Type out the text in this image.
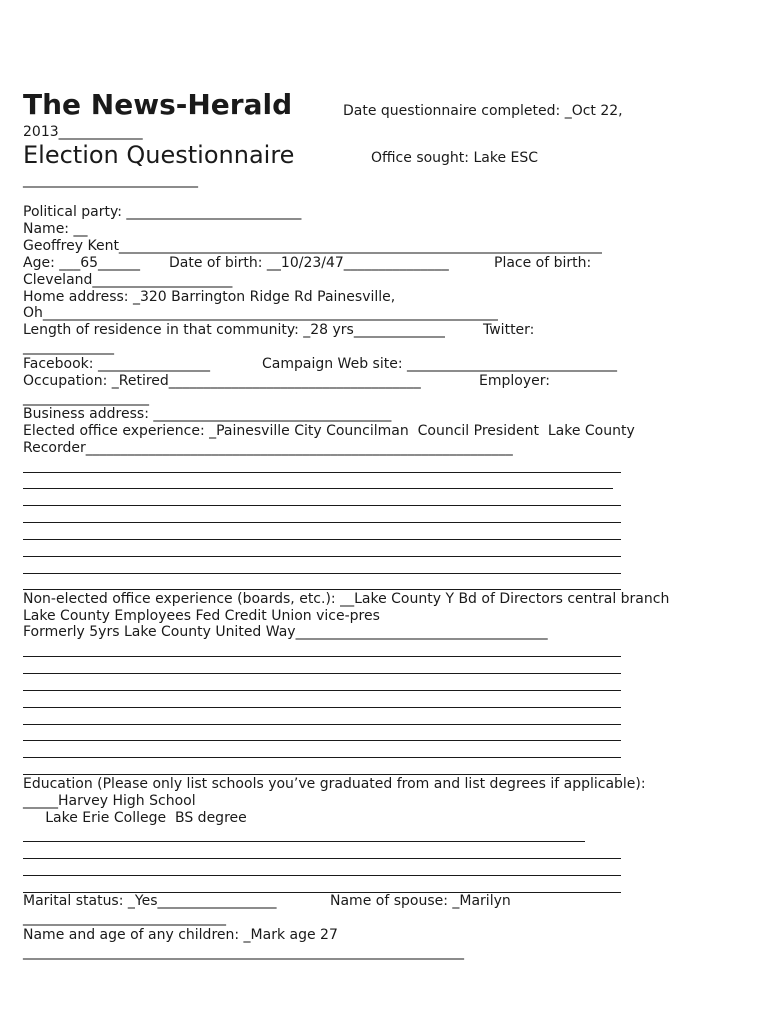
The News-Herald	Date questionnaire completed: _Oct 22,
2013____________
Election Questionnaire	Office sought: Lake ESC
_________________________
Political party: _________________________
Name: __
Geoffrey Kent_____________________________________________________________________
Age: ___65______ Date of birth: __10/23/47_______________	Place of birth:
Cleveland____________________
Home address: _320 Barrington Ridge Rd Painesville,
Oh_________________________________________________________________
Length of residence in that community: _28 yrs_____________	Twitter:
_____________
Facebook: ________________	Campaign Web site: ______________________________
Occupation: _Retired____________________________________	Employer:
__________________
Business address: __________________________________
Elected office experience: _Painesville City Councilman  Council President  Lake County
Recorder_____________________________________________________________
Non-elected office experience (boards, etc.): __Lake County Y Bd of Directors central branch
Lake County Employees Fed Credit Union vice-pres
Formerly 5yrs Lake County United Way____________________________________
Education (Please only list schools you’ve graduated from and list degrees if applicable):
_____Harvey High School
Lake Erie College  BS degree
Marital status: _Yes_________________	Name of spouse: _Marilyn
_____________________________
Name and age of any children: _Mark age 27
_______________________________________________________________
